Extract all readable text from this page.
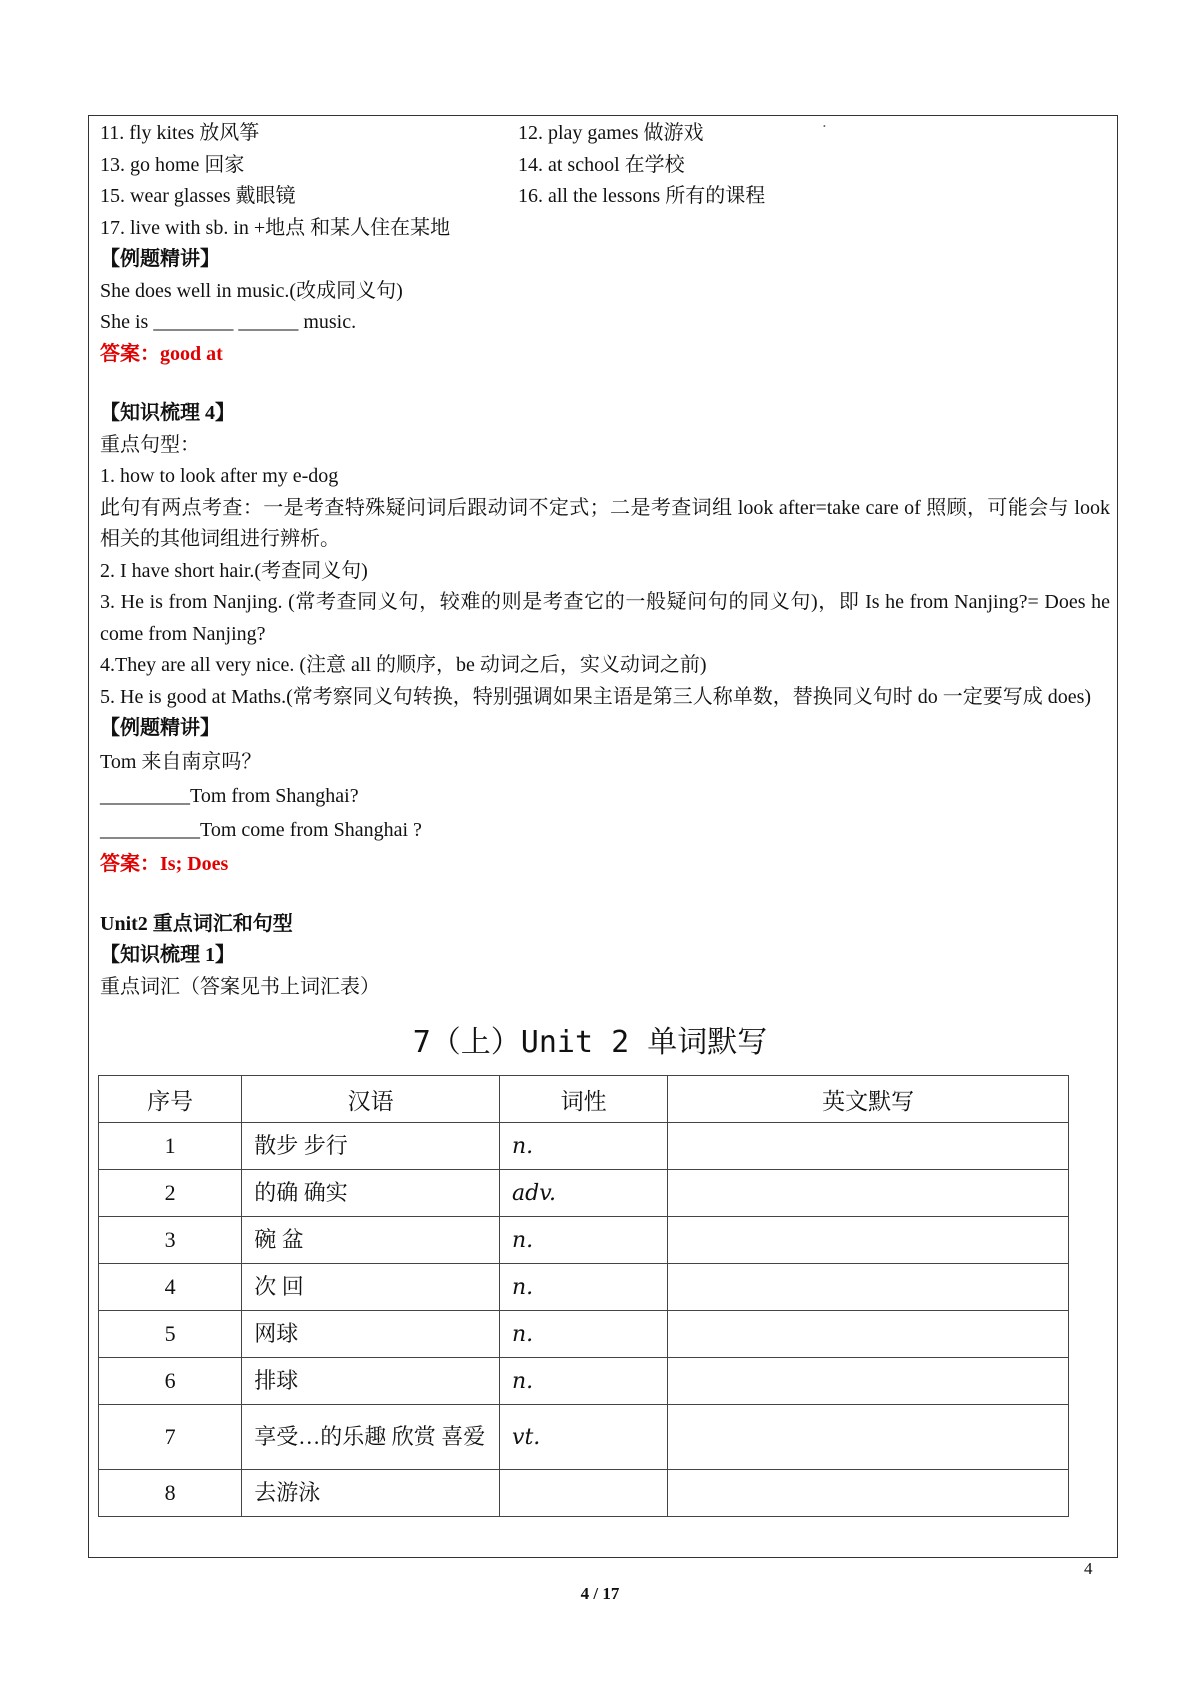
•
11. fly kites 放风筝	12. play games 做游戏
13. go home 回家	14. at school 在学校
15. wear glasses 戴眼镜	16. all the lessons 所有的课程
17. live with sb. in +地点 和某人住在某地
【例题精讲】
She does well in music.(改成同义句)
She is ________ ______ music.
答案：good at
【知识梳理 4】
重点句型：
1. how to look after my e-dog
此句有两点考查：一是考查特殊疑问词后跟动词不定式；二是考查词组 look after=take care of 照顾，可能会与 look 相关的其他词组进行辨析。
2. I have short hair.(考查同义句)
3. He is from Nanjing. (常考查同义句，较难的则是考查它的一般疑问句的同义句)，即 Is he from Nanjing?= Does he come from Nanjing?
4.They are all very nice. (注意 all 的顺序，be 动词之后，实义动词之前)
5. He is good at Maths.(常考察同义句转换，特别强调如果主语是第三人称单数，替换同义句时 do 一定要写成 does)
【例题精讲】
Tom 来自南京吗？
_________Tom from Shanghai?
__________Tom come from Shanghai ?
答案：Is; Does
Unit2 重点词汇和句型
【知识梳理 1】
重点词汇（答案见书上词汇表）
7（上）Unit 2 单词默写
序号	汉语	词性	英文默写
1	散步 步行	n.	
2	的确 确实	adv.	
3	碗 盆	n.	
4	次 回	n.	
5	网球	n.	
6	排球	n.	
7	享受…的乐趣 欣赏 喜爱	vt.	
8	去游泳		
4
4 / 17
